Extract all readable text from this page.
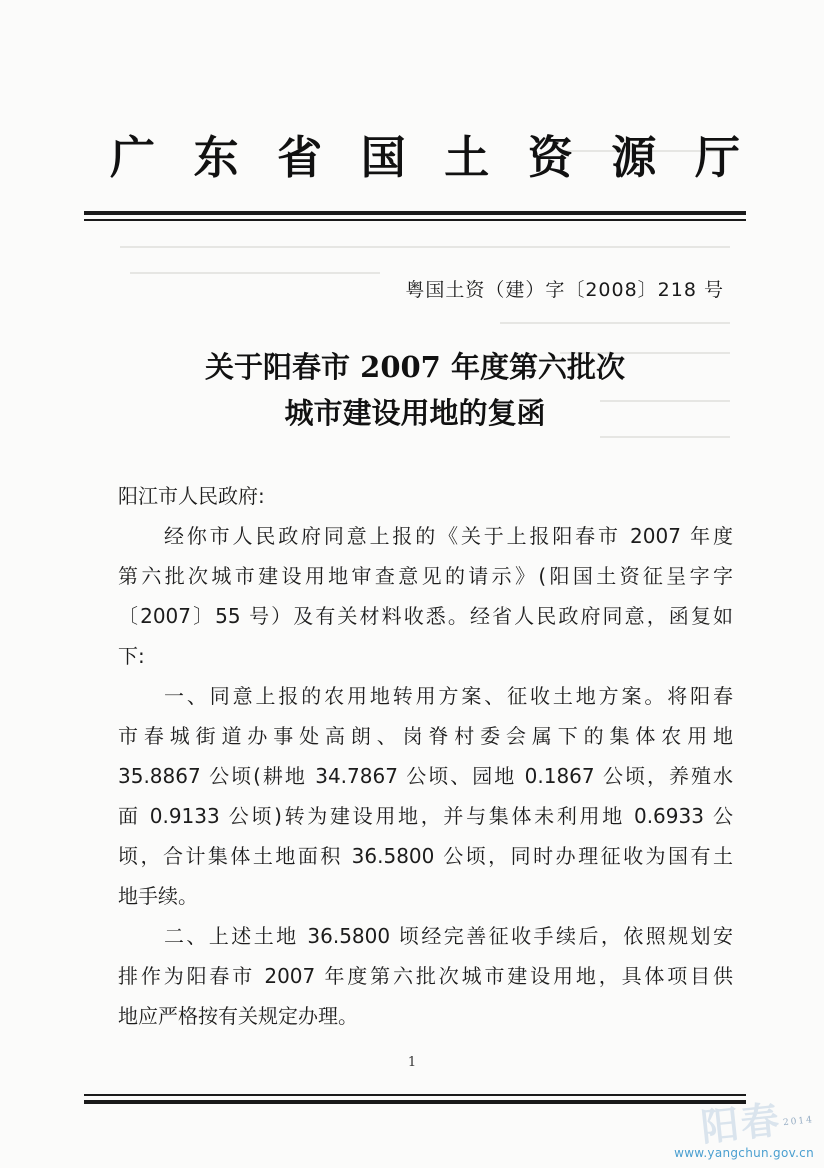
广 东 省 国 土 资 源 厅
粤国土资（建）字〔2008〕218 号
关于阳春市 2007 年度第六批次
城市建设用地的复函
阳江市人民政府:
经你市人民政府同意上报的《关于上报阳春市 2007 年度
第六批次城市建设用地审查意见的请示》(阳国土资征呈字字
〔2007〕55 号）及有关材料收悉。经省人民政府同意，函复如
下:
一、同意上报的农用地转用方案、征收土地方案。将阳春
市春城街道办事处高朗、岗脊村委会属下的集体农用地
35.8867 公顷(耕地 34.7867 公顷、园地 0.1867 公顷，养殖水
面 0.9133 公顷)转为建设用地，并与集体未利用地 0.6933 公
顷，合计集体土地面积 36.5800 公顷，同时办理征收为国有土
地手续。
二、上述土地 36.5800 顷经完善征收手续后，依照规划安
排作为阳春市 2007 年度第六批次城市建设用地，具体项目供
地应严格按有关规定办理。
1
阳春2014
www.yangchun.gov.cn
